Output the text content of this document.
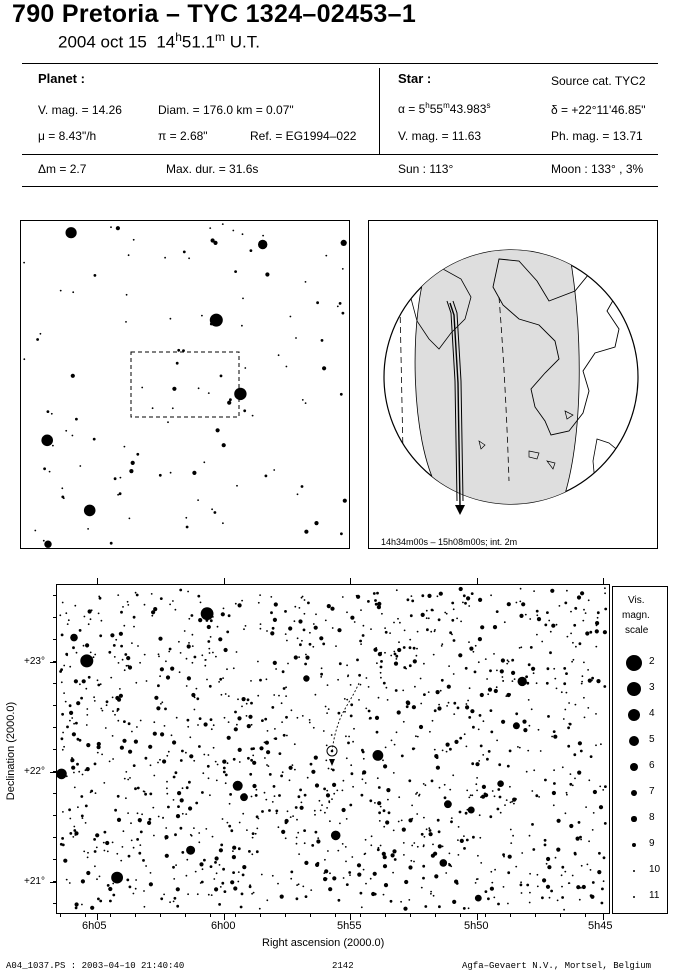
790 Pretoria – TYC 1324–02453–1
2004 oct 15 14$^h$51.1$^m$ U.T.
Planet :
V. mag. = 14.26	Diam. = 176.0 km = 0.07"
μ = 8.43"/h	π = 2.68"	Ref. = EG1994–022
Δm = 2.7	Max. dur. = 31.6s
Star :	Source cat. TYC2
$\alpha = 5^h55^m43.983^s$	δ = +22°11'46.85"
V. mag. = 11.63	Ph. mag. = 13.71
Sun : 113°	Moon : 133° , 3%
14h34m00s – 15h08m00s; int. 2m
6h05	6h00	5h55	5h50	5h45
+23°
+22°
+21°
Right ascension (2000.0)
Declination (2000.0)
Vis.
magn.
scale
2
3
4
5
6
7
8
9
10
11
A04_1037.PS : 2003–04–10 21:40:40	2142	Agfa–Gevaert N.V., Mortsel, Belgium
